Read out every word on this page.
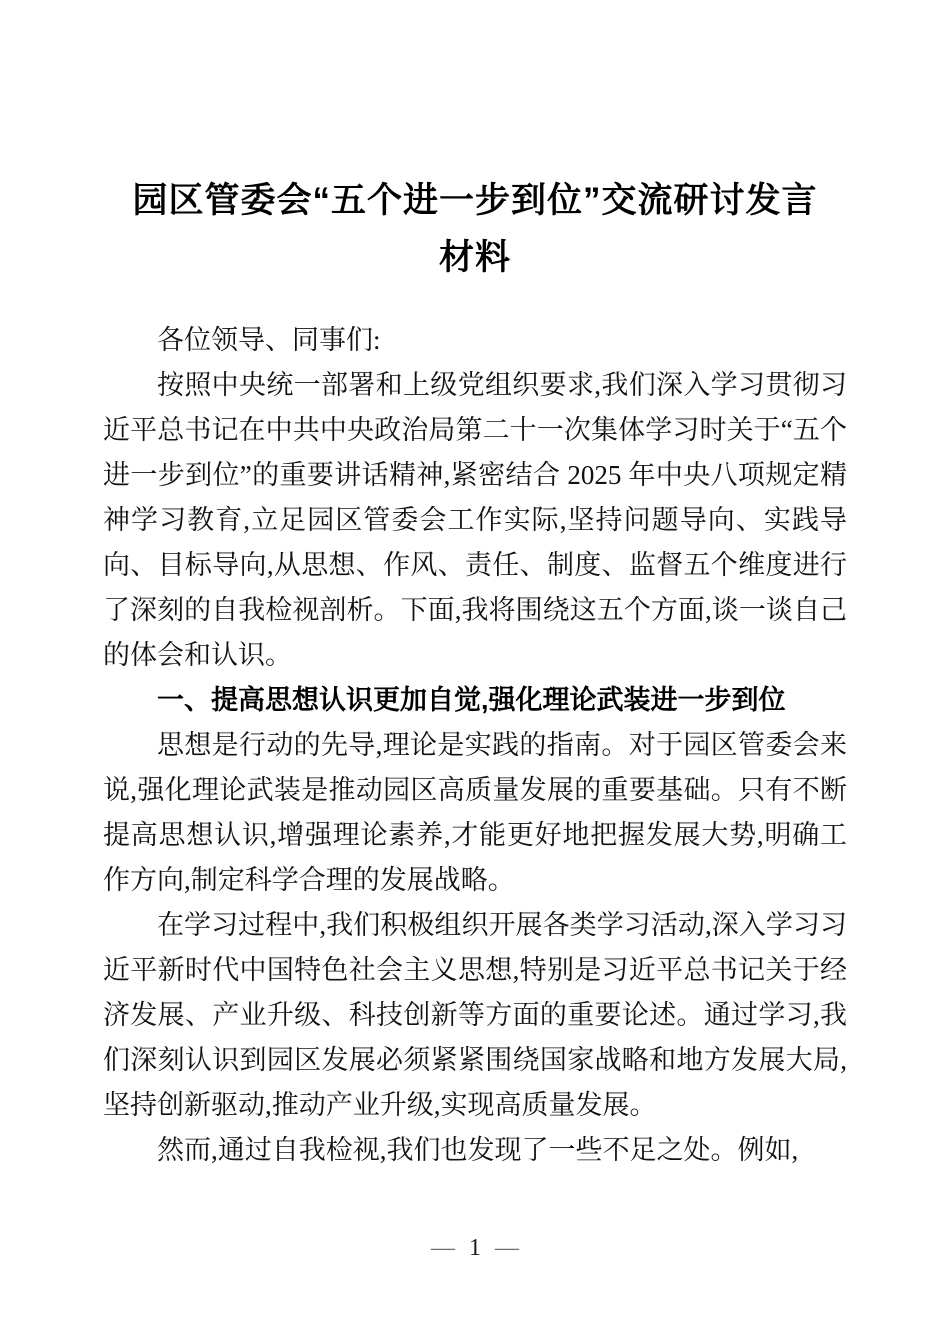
园区管委会“五个进一步到位”交流研讨发言
材料

各位领导、同事们:

按照中央统一部署和上级党组织要求,我们深入学习贯彻习近平总书记在中共中央政治局第二十一次集体学习时关于“五个进一步到位”的重要讲话精神,紧密结合 2025 年中央八项规定精神学习教育,立足园区管委会工作实际,坚持问题导向、实践导向、目标导向,从思想、作风、责任、制度、监督五个维度进行了深刻的自我检视剖析。下面,我将围绕这五个方面,谈一谈自己的体会和认识。

一、提高思想认识更加自觉,强化理论武装进一步到位

思想是行动的先导,理论是实践的指南。对于园区管委会来说,强化理论武装是推动园区高质量发展的重要基础。只有不断提高思想认识,增强理论素养,才能更好地把握发展大势,明确工作方向,制定科学合理的发展战略。

在学习过程中,我们积极组织开展各类学习活动,深入学习习近平新时代中国特色社会主义思想,特别是习近平总书记关于经济发展、产业升级、科技创新等方面的重要论述。通过学习,我们深刻认识到园区发展必须紧紧围绕国家战略和地方发展大局,坚持创新驱动,推动产业升级,实现高质量发展。

然而,通过自我检视,我们也发现了一些不足之处。例如,

— 1 —
